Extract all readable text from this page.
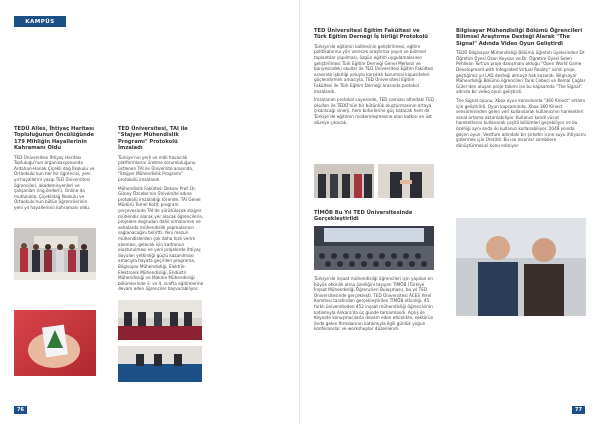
KAMPÜS
TEDÜ Alles, İhtiyaç Haritası Topluluğunun Öncülüğünde 179 Mihliğin Hayallerinin Kahramanı Oldu
TED Üniversitesi İhtiyaç Haritası Topluluğu'nun organizasyonunda Ardahan-Hanak Çiçekli dağ İlkokulu ve Ortaokulu'nun her bir öğrencisi, yeni yıl hayallerini yazıp TED Üniversitesi öğrencileri, akademisyenleri ve çalışanları (ing.önderli). Online da mutlulukla, Çiçeklidağ İlkokulu ve Ortaokulu'nun bütün öğrencilerinin yeni yıl hayallerinin kahramanı oldu.
TED Üniversitesi, TAI ile "Stajyer Mühendislik Programı" Protokolü İmzaladı
Türkiye'nin yerli ve milli havacılık platformlarını üretme sorumluluğunu üstlenen TAI ile Üniversite arasında, "Stajyer Mühendislik Programı" protokolü imzalandı.
Mühendislik Fakültesi Dekanı Prof. Dr. Güney Özcebe'nin Üniversite adına protokolü imzaladığı törende, TAI Genel Müdürü Temel Kotil; program çerçevesinde TAI'de yürütülecek stajyer mühendis olarak yer alacak öğrencilerin, projelere doğrudan dahil olmalarının ve sahalarda mühendislik yapmalarının sağlanacağını belirtti. Yeni mezun mühendislerden çok daha hızlı verim alınması, gelecek için kadronun oluşturulması ve yeni projelerde ihtiyaç duyulan yetkinliği güçlü kazanılması amacıyla hayata geçirilen programa, Bilgisayar Mühendisliği, Elektrik-Elektronik Mühendisliği, Endüstri Mühendisliği ve Makine Mühendisliği bölümlerinde 3. ve 4. sınıfta eğitimlerine devam eden öğrenciler başvurabiliyor.
76
TED Üniversitesi Eğitim Fakültesi ve Türk Eğitim Derneği İş birliği Protokolü
Türkiye'de eğitimin kalitesinin geliştirilmesi, eğitim politikalarına yön verecek araştırma yayın ve bilimsel toplantılar yapılması, özgün eğitim uygulamalarının geliştirilmesi Türk Eğitim Derneği Genel Merkezi ve bünyesindeki okullar ile TED Üniversitesi Eğitim Fakültesi arasında işbirliği yoluyla karşılıklı kurumsal kapasiteleri güçlendirmek amacıyla, TED Üniversitesi Eğitim Fakültesi ile Türk Eğitim Derneği arasında protokol imzalandı.
İmzalanan protokol sayesinde, TED camiası altındaki TED okulları ile TEDÜ'nün bir bütünlük oluşturmasının ortaya çıkaracağı sinerji, hem birbirlerine güç katacak hem de Türkiye'de eğitimin modernleşmesine olan katkısı en üst düzeye çıkacak.
TİMÖB Bu Yıl TED Üniversitesinde Gerçekleştirildi
Türkiye'de inşaat mühendisliği öğrencileri için yapılan en büyük etkinlik olma özelliğini taşıyan TİMÖB (Türkiye İnşaat Mühendisliği Öğrencileri Buluşması), bu yıl TED Üniversitesinde gerçekleşti. TED Üniversitesi ACES Yerel Komitesi tarafından gerçekleştirilen TİMÖB etkinliği, 45 farklı üniversiteden 452 inşaat mühendisliği öğrencisinin katılımıyla Ankara'da üç günde tamamlandı. Açılış ile Keynote konuşmacılarla devam eden etkinlikte, sektörün önde gelen firmalarının katılımıyla ilgili günlük yoğun konferanslar ve workshoplar düzenlendi.
Bilgisayar Mühendisliği Bölümü Öğrencileri Bilimsel Araştırma Desteği Alarak "The Signal" Adında Video Oyun Geliştirdi
TEDÜ Bilgisayar Mühendisliği Bölümü öğretim üyelerinden Dr. Öğretim Üyesi Ozan Keysan ve Dr. Öğretim Üyesi Selen Pehlivan Tort'un proje danışmanı olduğu "Open World Game Development with Integrated Virtual Reality" isimli proje, geçtiğimiz yıl LAD desteği almaya hak kazandı. Bilgisayar Mühendisliği Bölümü öğrencileri Tarık Cebeci ve Kemal Çağlar Güler'den oluşan proje takımı ise bu kapsamda "The Signal" adında bir video oyun geliştirdi.
The Signal oyunu, Xbox oyun konsolunda "360 Kinect" ortamı için geliştirildi. Oyun kapsamında, Xbox 360 Kinect sensörlerinden gelen veri kullanılarak kullanıcının hareketleri sanal ortama aktarılabiliyor. Kullanıcı kendi vücut hareketlerini kullanarak çeşitli bölümleri geçebiliyor ve bu özelliği aynı anda iki kullanıcı kullanabiliyor. 2048 yılında geçen oyun, Vestfum adındaki bir şirketin icine suyu ihtiyacını gidermek için Üretildi. Bu ise insanlar zombilere dönüştürmesini konu ediniyor.
77
